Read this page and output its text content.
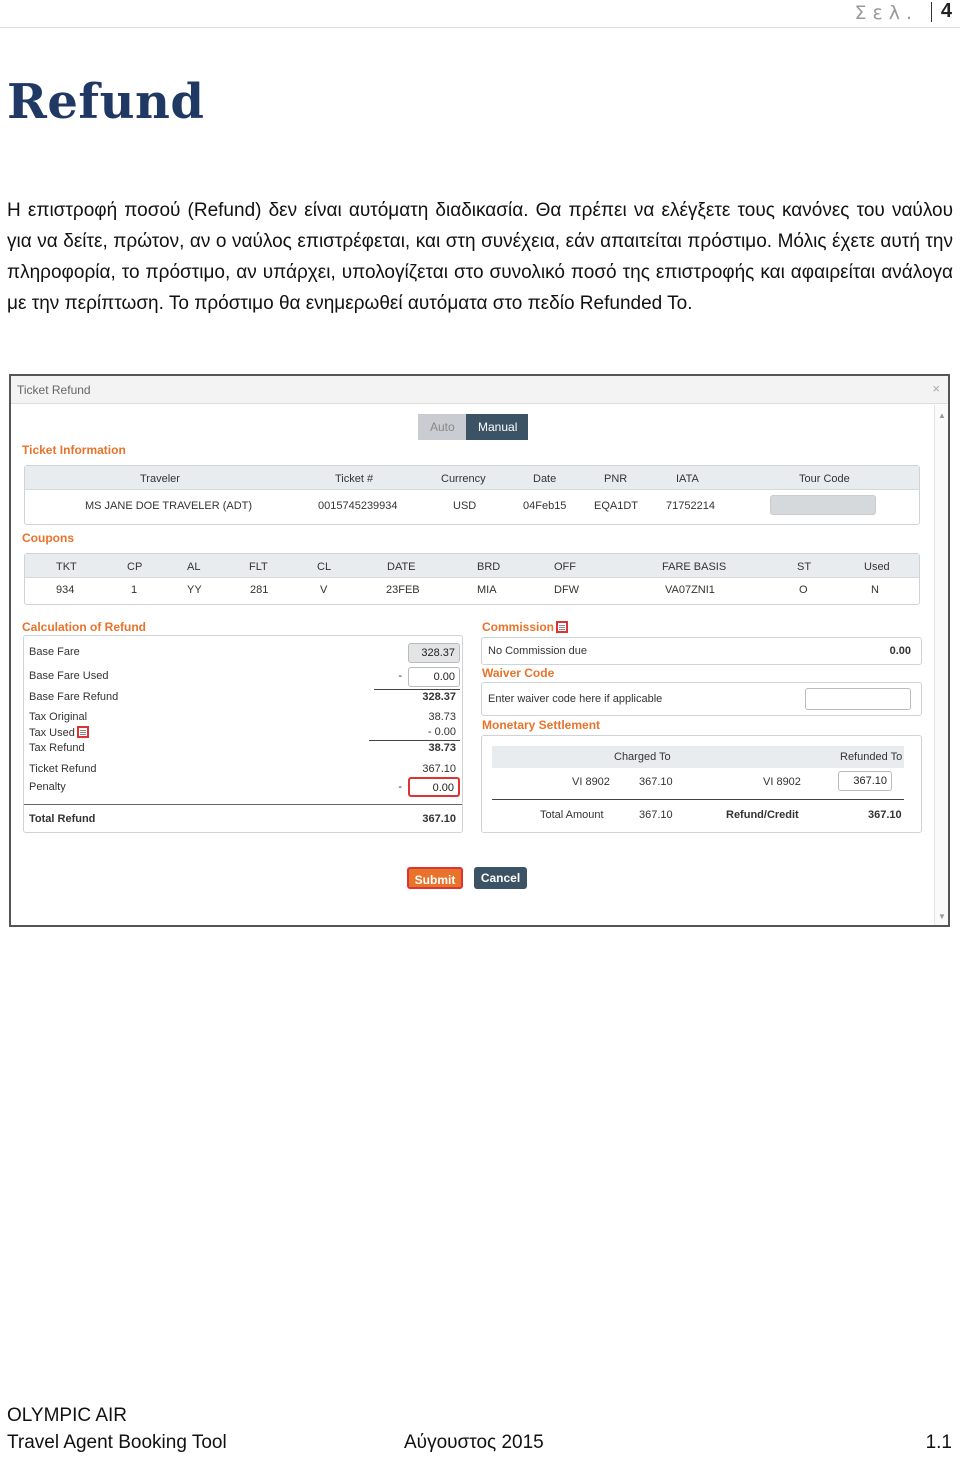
Σελ. 4
Refund

Η επιστροφή ποσού (Refund) δεν είναι αυτόματη διαδικασία. Θα πρέπει να ελέγξετε τους κανόνες του ναύλου για να δείτε, πρώτον, αν ο ναύλος επιστρέφεται, και στη συνέχεια, εάν απαιτείται πρόστιμο. Μόλις έχετε αυτή την πληροφορία, το πρόστιμο, αν υπάρχει, υπολογίζεται στο συνολικό ποσό της επιστροφής και αφαιρείται ανάλογα με την περίπτωση. Το πρόστιμο θα ενημερωθεί αυτόματα στο πεδίο Refunded To.

Ticket Refund	×
▲
▼
Auto	Manual
Ticket Information
Traveler	Ticket #	Currency	Date	PNR	IATA	Tour Code
MS JANE DOE TRAVELER (ADT)	0015745239934	USD	04Feb15	EQA1DT	71752214
Coupons
TKT	CP	AL	FLT	CL	DATE	BRD	OFF	FARE BASIS	ST	Used
934	1	YY	281	V	23FEB	MIA	DFW	VA07ZNI1	O	N
Calculation of Refund
Base Fare	328.37
Base Fare Used	-	0.00
Base Fare Refund	328.37
Tax Original	38.73
Tax Used	- 0.00
Tax Refund	38.73
Ticket Refund	367.10
Penalty	-	0.00
Total Refund	367.10
Commission
No Commission due	0.00
Waiver Code
Enter waiver code here if applicable
Monetary Settlement
Charged To	Refunded To
VI 8902	367.10	VI 8902	367.10
Total Amount	367.10	Refund/Credit	367.10
Submit	Cancel
OLYMPIC AIR
Travel Agent Booking Tool	Αύγουστος 2015	1.1
